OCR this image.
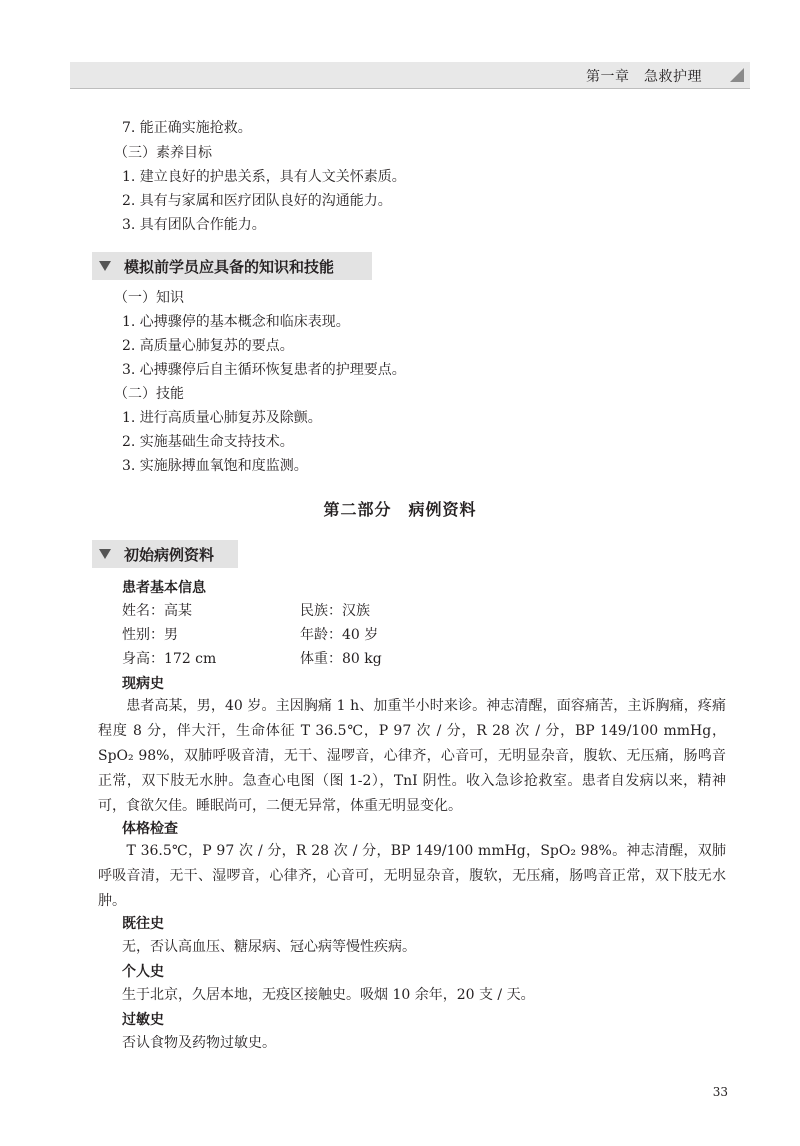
第一章　急救护理
7. 能正确实施抢救。
（三）素养目标
1. 建立良好的护患关系，具有人文关怀素质。
2. 具有与家属和医疗团队良好的沟通能力。
3. 具有团队合作能力。
模拟前学员应具备的知识和技能
（一）知识
1. 心搏骤停的基本概念和临床表现。
2. 高质量心肺复苏的要点。
3. 心搏骤停后自主循环恢复患者的护理要点。
（二）技能
1. 进行高质量心肺复苏及除颤。
2. 实施基础生命支持技术。
3. 实施脉搏血氧饱和度监测。
第二部分　病例资料
初始病例资料
患者基本信息
姓名：高某	民族：汉族
性别：男	年龄：40 岁
身高：172 cm	体重：80 kg
现病史
　　患者高某，男，40 岁。主因胸痛 1 h、加重半小时来诊。神志清醒，面容痛苦，主诉胸痛，疼痛程度 8 分，伴大汗，生命体征 T 36.5℃，P 97 次 / 分，R 28 次 / 分，BP 149/100 mmHg，SpO₂ 98%，双肺呼吸音清，无干、湿啰音，心律齐，心音可，无明显杂音，腹软、无压痛，肠鸣音正常，双下肢无水肿。急查心电图（图 1-2），TnI 阴性。收入急诊抢救室。患者自发病以来，精神可，食欲欠佳。睡眠尚可，二便无异常，体重无明显变化。
体格检查
　　T 36.5℃，P 97 次 / 分，R 28 次 / 分，BP 149/100 mmHg，SpO₂ 98%。神志清醒，双肺呼吸音清，无干、湿啰音，心律齐，心音可，无明显杂音，腹软，无压痛，肠鸣音正常，双下肢无水肿。
既往史
无，否认高血压、糖尿病、冠心病等慢性疾病。
个人史
生于北京，久居本地，无疫区接触史。吸烟 10 余年，20 支 / 天。
过敏史
否认食物及药物过敏史。
33
